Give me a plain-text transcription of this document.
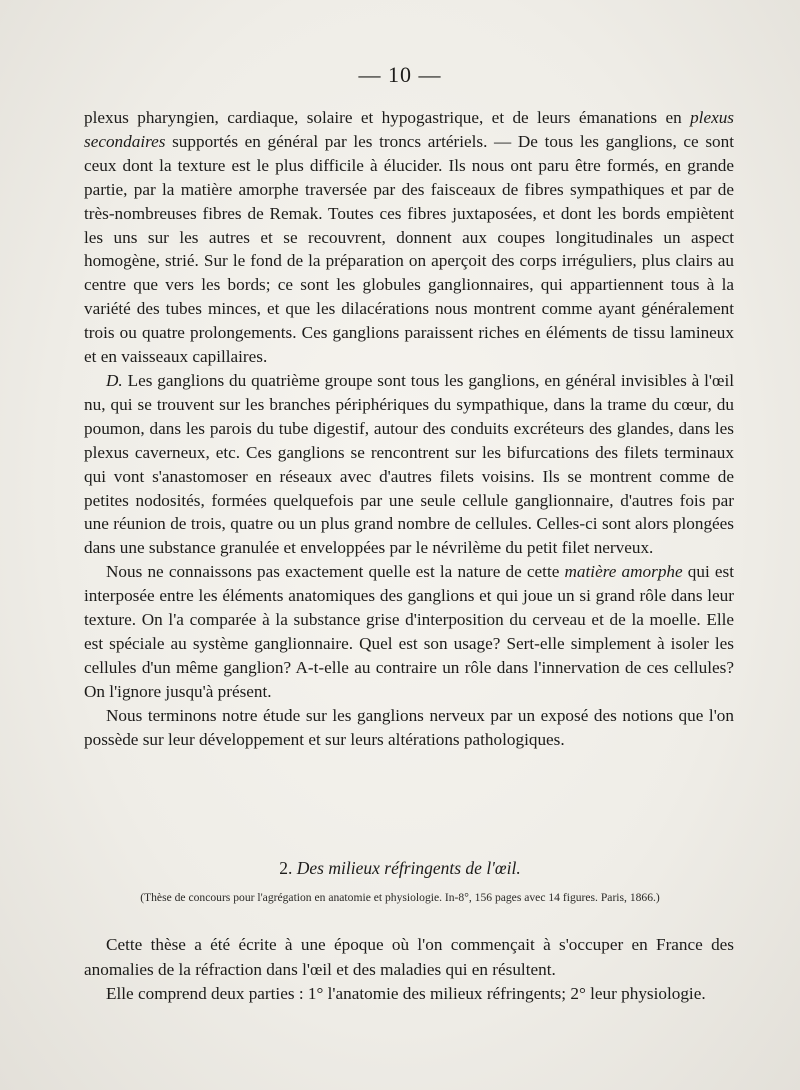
— 10 —

plexus pharyngien, cardiaque, solaire et hypogastrique, et de leurs émanations en plexus secondaires supportés en général par les troncs artériels. — De tous les ganglions, ce sont ceux dont la texture est le plus difficile à élucider. Ils nous ont paru être formés, en grande partie, par la matière amorphe traversée par des faisceaux de fibres sympathiques et par de très-nombreuses fibres de Remak. Toutes ces fibres juxtaposées, et dont les bords empiètent les uns sur les autres et se recouvrent, donnent aux coupes longitudinales un aspect homogène, strié. Sur le fond de la préparation on aperçoit des corps irréguliers, plus clairs au centre que vers les bords; ce sont les globules ganglionnaires, qui appartiennent tous à la variété des tubes minces, et que les dilacérations nous montrent comme ayant généralement trois ou quatre prolongements. Ces ganglions paraissent riches en éléments de tissu lamineux et en vaisseaux capillaires.

D. Les ganglions du quatrième groupe sont tous les ganglions, en général invisibles à l'œil nu, qui se trouvent sur les branches périphériques du sympathique, dans la trame du cœur, du poumon, dans les parois du tube digestif, autour des conduits excréteurs des glandes, dans les plexus caverneux, etc. Ces ganglions se rencontrent sur les bifurcations des filets terminaux qui vont s'anastomoser en réseaux avec d'autres filets voisins. Ils se montrent comme de petites nodosités, formées quelquefois par une seule cellule ganglionnaire, d'autres fois par une réunion de trois, quatre ou un plus grand nombre de cellules. Celles-ci sont alors plongées dans une substance granulée et enveloppées par le névrilème du petit filet nerveux.

Nous ne connaissons pas exactement quelle est la nature de cette matière amorphe qui est interposée entre les éléments anatomiques des ganglions et qui joue un si grand rôle dans leur texture. On l'a comparée à la substance grise d'interposition du cerveau et de la moelle. Elle est spéciale au système ganglionnaire. Quel est son usage? Sert-elle simplement à isoler les cellules d'un même ganglion? A-t-elle au contraire un rôle dans l'innervation de ces cellules? On l'ignore jusqu'à présent.

Nous terminons notre étude sur les ganglions nerveux par un exposé des notions que l'on possède sur leur développement et sur leurs altérations pathologiques.

2. Des milieux réfringents de l'œil.
(Thèse de concours pour l'agrégation en anatomie et physiologie. In-8°, 156 pages avec 14 figures. Paris, 1866.)

Cette thèse a été écrite à une époque où l'on commençait à s'occuper en France des anomalies de la réfraction dans l'œil et des maladies qui en résultent.

Elle comprend deux parties : 1° l'anatomie des milieux réfringents; 2° leur physiologie.
